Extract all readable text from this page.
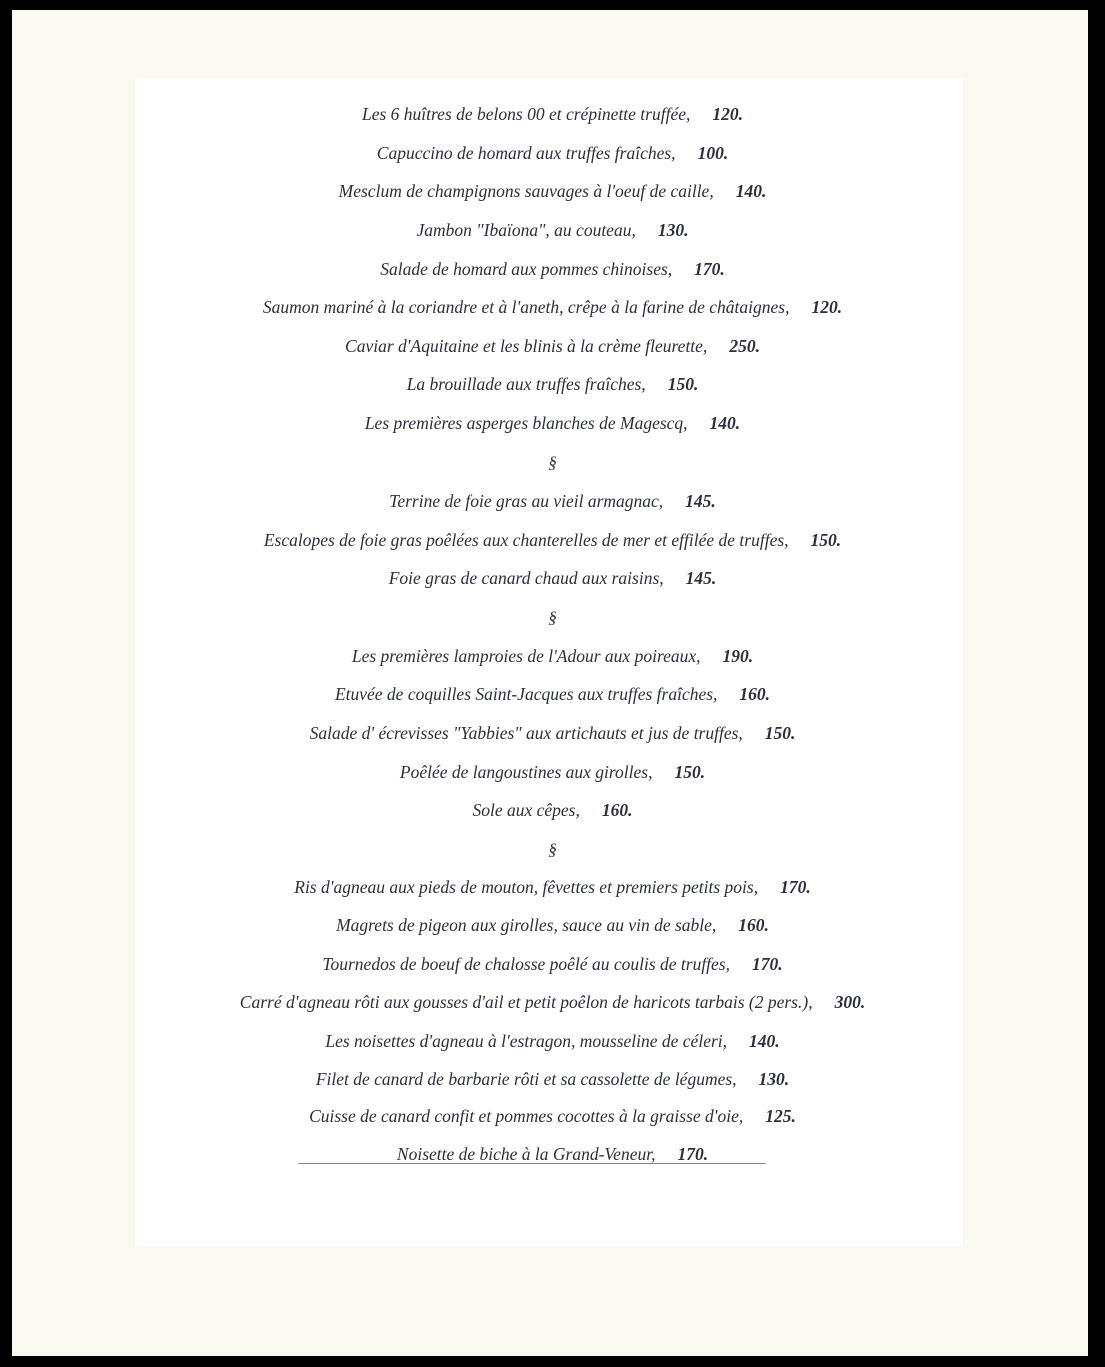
Les 6 huîtres de belons 00 et crépinette truffée, 120.
Capuccino de homard aux truffes fraîches, 100.
Mesclum de champignons sauvages à l'oeuf de caille, 140.
Jambon "Ibaïona", au couteau, 130.
Salade de homard aux pommes chinoises, 170.
Saumon mariné à la coriandre et à l'aneth, crêpe à la farine de châtaignes, 120.
Caviar d'Aquitaine et les blinis à la crème fleurette, 250.
La brouillade aux truffes fraîches, 150.
Les premières asperges blanches de Magescq, 140.
§
Terrine de foie gras au vieil armagnac, 145.
Escalopes de foie gras poêlées aux chanterelles de mer et effilée de truffes, 150.
Foie gras de canard chaud aux raisins, 145.
§
Les premières lamproies de l'Adour aux poireaux, 190.
Etuvée de coquilles Saint-Jacques aux truffes fraîches, 160.
Salade d' écrevisses "Yabbies" aux artichauts et jus de truffes, 150.
Poêlée de langoustines aux girolles, 150.
Sole aux cêpes, 160.
§
Ris d'agneau aux pieds de mouton, fêvettes et premiers petits pois, 170.
Magrets de pigeon aux girolles, sauce au vin de sable, 160.
Tournedos de boeuf de chalosse poêlé au coulis de truffes, 170.
Carré d'agneau rôti aux gousses d'ail et petit poêlon de haricots tarbais (2 pers.), 300.
Les noisettes d'agneau à l'estragon, mousseline de céleri, 140.
Filet de canard de barbarie rôti et sa cassolette de légumes, 130.
Cuisse de canard confit et pommes cocottes à la graisse d'oie, 125.
Noisette de biche à la Grand-Veneur, 170.
